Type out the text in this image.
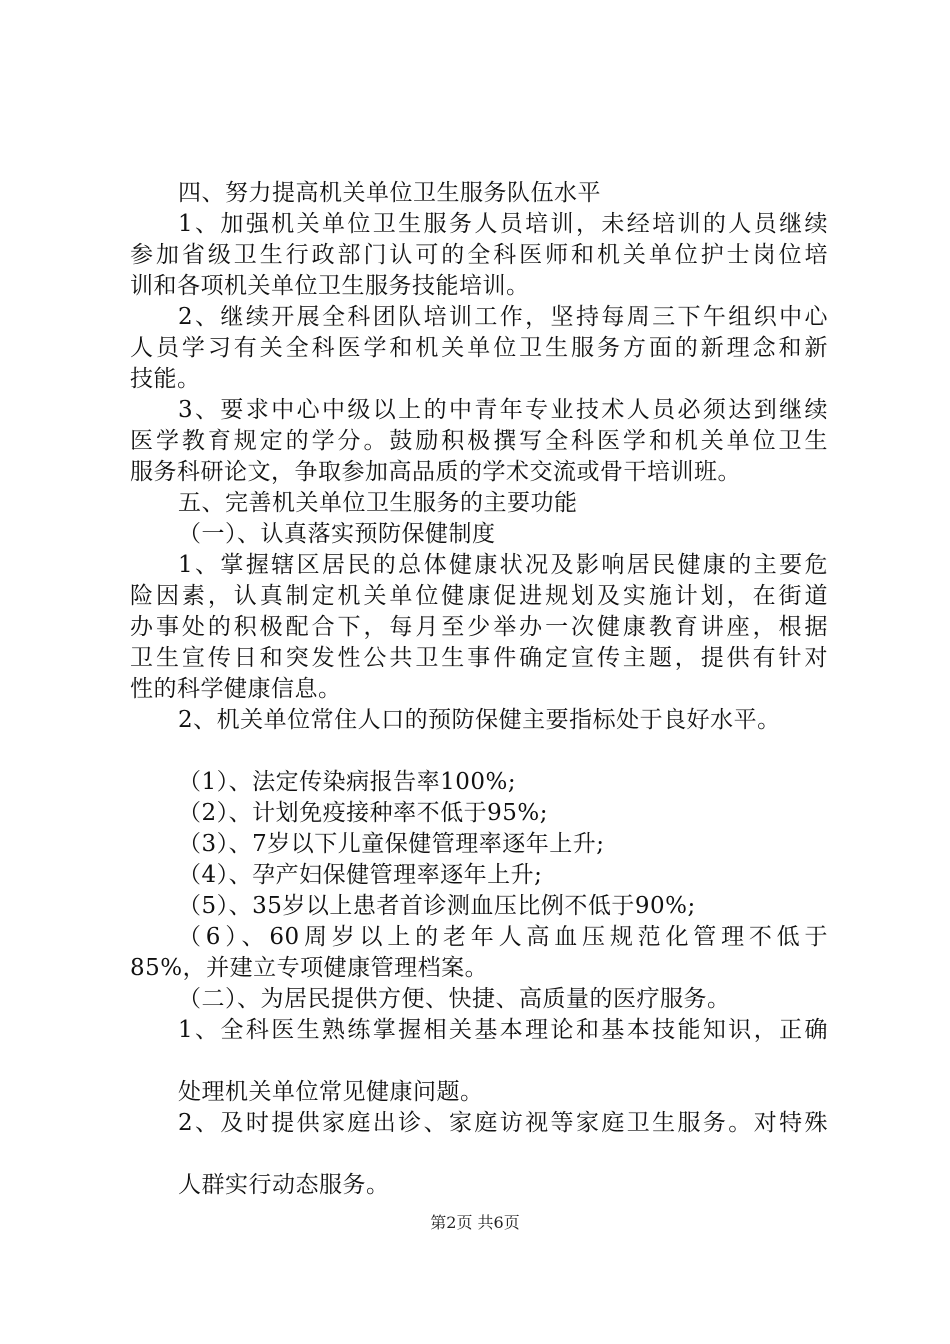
四、努力提高机关单位卫生服务队伍水平
1、加强机关单位卫生服务人员培训，未经培训的人员继续
参加省级卫生行政部门认可的全科医师和机关单位护士岗位培
训和各项机关单位卫生服务技能培训。
2、继续开展全科团队培训工作，坚持每周三下午组织中心
人员学习有关全科医学和机关单位卫生服务方面的新理念和新
技能。
3、要求中心中级以上的中青年专业技术人员必须达到继续
医学教育规定的学分。鼓励积极撰写全科医学和机关单位卫生
服务科研论文，争取参加高品质的学术交流或骨干培训班。
五、完善机关单位卫生服务的主要功能
（一）、认真落实预防保健制度
1、掌握辖区居民的总体健康状况及影响居民健康的主要危
险因素，认真制定机关单位健康促进规划及实施计划，在街道
办事处的积极配合下，每月至少举办一次健康教育讲座，根据
卫生宣传日和突发性公共卫生事件确定宣传主题，提供有针对
性的科学健康信息。
2、机关单位常住人口的预防保健主要指标处于良好水平。
（1）、法定传染病报告率100%;
（2）、计划免疫接种率不低于95%;
（3）、7岁以下儿童保健管理率逐年上升;
（4）、孕产妇保健管理率逐年上升;
（5）、35岁以上患者首诊测血压比例不低于90%;
（6）、60周岁以上的老年人高血压规范化管理不低于
85%，并建立专项健康管理档案。
（二）、为居民提供方便、快捷、高质量的医疗服务。
1、全科医生熟练掌握相关基本理论和基本技能知识，正确
处理机关单位常见健康问题。
2、及时提供家庭出诊、家庭访视等家庭卫生服务。对特殊
人群实行动态服务。
第2页 共6页
